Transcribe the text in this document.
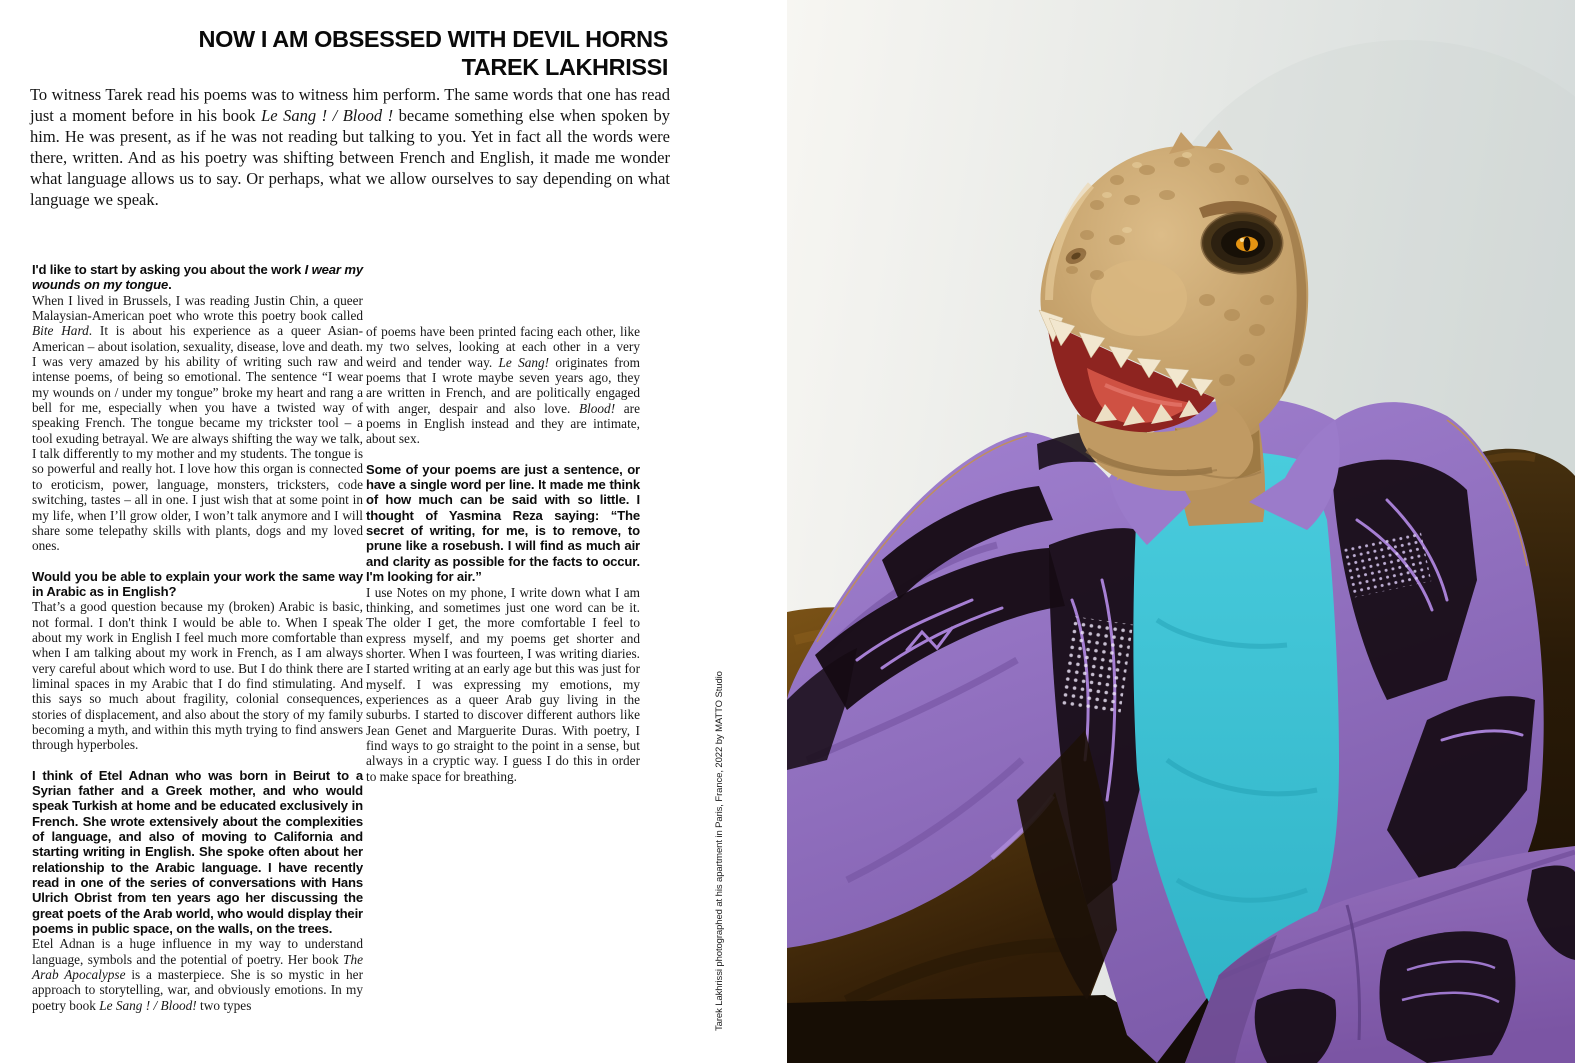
NOW I AM OBSESSED WITH DEVIL HORNS
TAREK LAKHRISSI

To witness Tarek read his poems was to witness him perform. The same words that one has read just a moment before in his book Le Sang ! / Blood ! became something else when spoken by him. He was present, as if he was not reading but talking to you. Yet in fact all the words were there, written. And as his poetry was shifting between French and English, it made me wonder what language allows us to say. Or perhaps, what we allow ourselves to say depending on what language we speak.

I'd like to start by asking you about the work I wear my wounds on my tongue.

When I lived in Brussels, I was reading Justin Chin, a queer Malaysian-American poet who wrote this poetry book called Bite Hard. It is about his experience as a queer Asian-American – about isolation, sexuality, disease, love and death. I was very amazed by his ability of writing such raw and intense poems, of being so emotional. The sentence “I wear my wounds on / under my tongue” broke my heart and rang a bell for me, especially when you have a twisted way of speaking French. The tongue became my trickster tool – a tool exuding betrayal. We are always shifting the way we talk, I talk differently to my mother and my students. The tongue is so powerful and really hot. I love how this organ is connected to eroticism, power, language, monsters, tricksters, code switching, tastes – all in one. I just wish that at some point in my life, when I’ll grow older, I won’t talk anymore and I will share some telepathy skills with plants, dogs and my loved ones.

Would you be able to explain your work the same way in Arabic as in English?

That’s a good question because my (broken) Arabic is basic, not formal. I don't think I would be able to. When I speak about my work in English I feel much more comfortable than when I am talking about my work in French, as I am always very careful about which word to use. But I do think there are liminal spaces in my Arabic that I do find stimulating. And this says so much about fragility, colonial consequences, stories of displacement, and also about the story of my family becoming a myth, and within this myth trying to find answers through hyperboles.

I think of Etel Adnan who was born in Beirut to a Syrian father and a Greek mother, and who would speak Turkish at home and be educated exclusively in French. She wrote extensively about the complexities of language, and also of moving to California and starting writing in English. She spoke often about her relationship to the Arabic language. I have recently read in one of the series of conversations with Hans Ulrich Obrist from ten years ago her discussing the great poets of the Arab world, who would display their poems in public space, on the walls, on the trees.

Etel Adnan is a huge influence in my way to understand language, symbols and the potential of poetry. Her book The Arab Apocalypse is a masterpiece. She is so mystic in her approach to storytelling, war, and obviously emotions. In my poetry book Le Sang ! / Blood! two types

of poems have been printed facing each other, like my two selves, looking at each other in a very weird and tender way. Le Sang! originates from poems that I wrote maybe seven years ago, they are written in French, and are politically engaged with anger, despair and also love. Blood! are poems in English instead and they are intimate, about sex.

Some of your poems are just a sentence, or have a single word per line. It made me think of how much can be said with so little. I thought of Yasmina Reza saying: “The secret of writing, for me, is to remove, to prune like a rosebush. I will find as much air and clarity as possible for the facts to occur. I'm looking for air.”

I use Notes on my phone, I write down what I am thinking, and sometimes just one word can be it. The older I get, the more comfortable I feel to express myself, and my poems get shorter and shorter. When I was fourteen, I was writing diaries. I started writing at an early age but this was just for myself. I was expressing my emotions, my experiences as a queer Arab guy living in the suburbs. I started to discover different authors like Jean Genet and Marguerite Duras. With poetry, I find ways to go straight to the point in a sense, but always in a cryptic way. I guess I do this in order to make space for breathing.	Tarek Lakhrissi photographed at his apartment in Paris, France, 2022 by MATTO Studio
